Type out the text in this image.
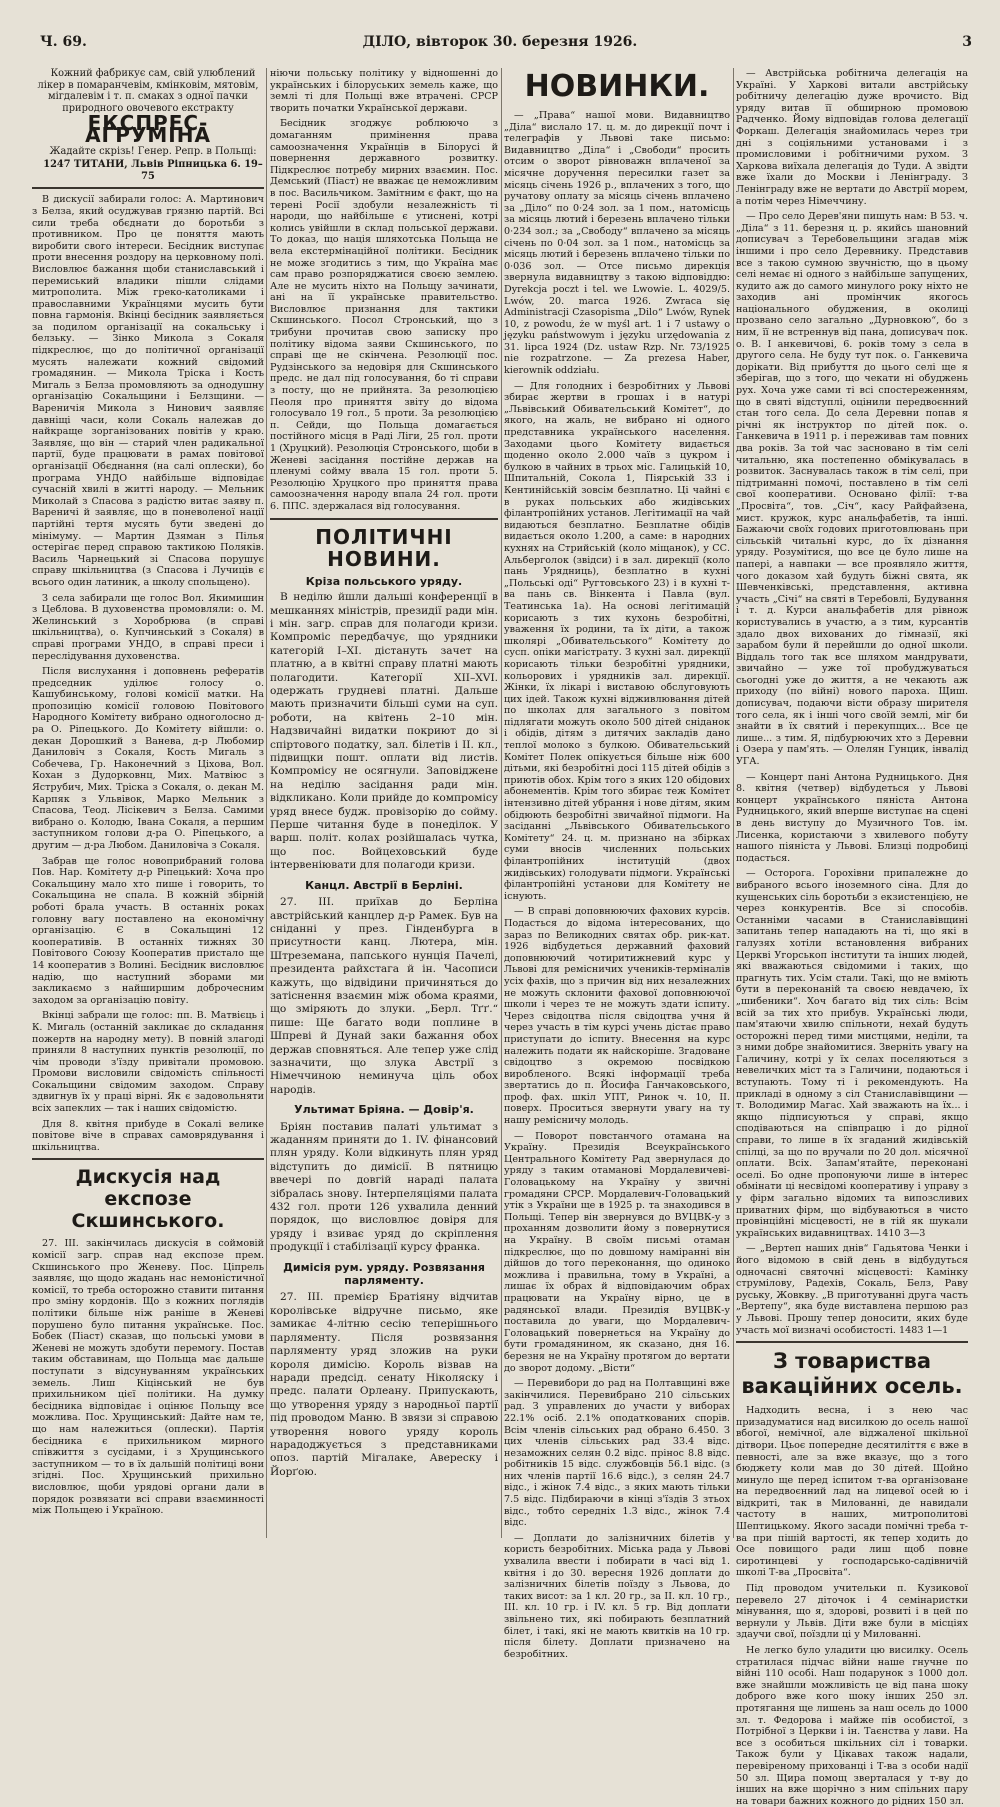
Ч. 69.	ДІЛО, вівторок 30. березня 1926.	3

Кожний фабрикує сам, свій улюблений лікер в помаранчевім, кмінковім, мятовім, мігдалевім і т. п. смаках з одної пачки природного овочевого екстракту

ЕКСПРЕС-АҐРУМІНА

Жадайте скрізь! Генер. Репр. в Польщі:

1247 ТИТАНИ, Львів Ріпницька 6. 19–75

В дискусії забирали голос: А. Мартинович з Белза, який осуджував грязню партій. Всі сили треба обєднати до боротьби з противником. Про це поняття мають виробити свого інтереси. Бесідник виступає проти внесення роздору на церковному полі. Висловлює бажання щоби станиславський і перемиський владики пішли слідами митрополита. Між греко-католиками і православними Українцями мусить бути повна гармонія. Вкінці бесідник заявляється за подилом організації на сокальську і белзьку. — Зінко Микола з Сокаля підкреслює, що до політичної організації мусять належати кожний свідомий громадянин. — Микола Тріска і Кость Мигаль з Белза промовляють за однодушну організацію Сокальщини і Белзщини. — Вареничія Микола з Нинович заявляє давніщі часи, коли Сокаль належав до найкраще зорганізованих повітів у краю. Заявляє, що він — старий член радикальної партії, буде працювати в рамах повітової організації Обєднання (на салі оплески), бо програма УНДО найбільше відповідає сучасній хвилі в житті народу. — Мельник Миколай з Спасова з радістю витає заяву п. Вареничі й заявляє, що в поневоленої нації партійні тертя мусять бути зведені до мінімуму. — Мартин Дзяман з Пілья остерігає перед справою тактикою Поляків. Василь Чарнецький зі Спасова порушує справу шкільництва (з Спасова і Лучиців є всього один латиник, а школу спольщено).

З села забирали ще голос Вол. Якимишин з Цеблова. В духовенства промовляли: о. М. Желинський з Хоробрюва (в справі шкільництва), о. Купчинський з Сокаля) в справі програми УНДО, в справі преси і переслідування духовенства.

Після вислухання і доповнень рефератів председник уділює голосу о. Кашубинському, голові комісії матки. На пропозицію комісії головою Повітового Народного Комітету вибрано одноголосно д-ра О. Ріпецького. До Комітету війшли: о. декан Дорошкий з Ванева, д-р Любомир Даниловіч з Сокаля, Кость Мигаль з Собечева, Гр. Наконечний з Ціхова, Вол. Кохан з Дудорковнц, Мих. Матвіюс з Яструбич, Мих. Тріска з Сокаля, о. декан М. Карпяк з Ульвівок, Марко Мельник з Спасова, Теод. Лісікевич з Белза. Самими вибрано о. Колодю, Івана Сокаля, а першим заступником голови д-ра О. Ріпецького, а другим — д-ра Любом. Даниловіча з Сокаля.

Забрав ще голос новоприбраний голова Пов. Нар. Комітету д-р Ріпецький: Хоча про Сокальщину мало хто пише і говорить, то Сокальщина не спала. В кожній збірній роботі брала участь. В останніх роках головну вагу поставлено на економічну організацію. Є в Сокальщині 12 кооперативів. В останніх тижнях 30 Повітового Союзу Кооператив пристало ще 14 кооператив з Волині. Бесідник висловлює надію, що наступний зборами ми закликаємо з найширшим доброчесним заходом за організацію повіту.

Вкінці забрали ще голос: пп. В. Матвієць і К. Мигаль (останній закликає до складання пожертв на народну мету). В повній злагоді приняли 8 наступних пунктів резолюції, по чім проводи з'їзду привітали промовою. Промови висловили свідомість спільності Сокальщини свідомим заходом. Справу здвигнув їх у праці вірні. Як є задовольняти всіх запеклих — так і наших свідомістю.

Для 8. квітня прибуде в Сокалі велике повітове віче в справах самоврядування і шкільництва.

Дискусія над експозе Скшинського.

27. III. закінчилась дискусія в соймовій комісії загр. справ над експозе прем. Скшинського про Женеву. Пос. Ціпрель заявляє, що щодо жадань нас немоністичної комісії, то треба осторожно ставити питання про зміну кордонів. Що з кожних поглядів політики більше ніж раніше в Женеві порушено було питання українське. Пос. Бобек (Піаст) сказав, що польські умови в Женеві не можуть здобути перемогу. Постав таким обставинам, що Польща має дальше поступати з відсунуванням українських земель. Лиш Кіцінський не був прихильником цієї політики. На думку бесідника відповідає і оцінює Польщу все можлива. Пос. Хрущинський: Дайте нам те, що нам належиться (оплески). Партія бесідника є прихильником мирного співжиття з сусідами, і з Хрущинського заступником — то в їх дальшій політиці вони згідні. Пос. Хрущинський прихильно висловлює, щоби урядові органи дали в порядок розвязати всі справи взаєминності між Польщею і Україною.

ніючи польську політику у відношенні до українських і білоруських земель каже, що землі ті для Польщі вже втрачені. СРСР творить початки Української держави.

Бесідник згоджує роблюючо з домаганням примінення права самоозначення Українців в Білорусі й повернення державного розвитку. Підкреслює потребу мирних взаємин. Пос. Демський (Піаст) не вважає це неможливим в пос. Васильчиком. Замітним є факт, що на терені Росії здобули незалежність ті народи, що найбільше є утиснені, котрі колись увійшли в склад польської держави. То доказ, що нація шляхотська Польща не вела екстермінаційної політики. Бесідник не може згодитись з тим, що Україна має сам право розпоряджатися своєю землею. Але не мусить ніхто на Польщу зачинати, ані на її українське правительство. Висловлює признання для тактики Скшинського. Посол Стронський, що з трибуни прочитав свою записку про політику відома заяви Скшинського, по справі ще не скінчена. Резолюції пос. Рудзінського за недовіря для Скшинського предс. не дал під голосування, бо ті справи з посту, що не прийнята. За резолюцією Пеоля про приняття звіту до відома голосувало 19 гол., 5 проти. За резолюцією п. Сейди, що Польща домагається постійного місця в Раді Ліги, 25 гол. проти 1 (Хруцкий). Резолюція Стронського, щоби в Женеві засідання постійне держав на пленумі сойму ввала 15 гол. проти 5. Резолюцію Хруцкого про приняття права самоозначення народу впала 24 гол. проти 6. ППС. здержалася від голосування.

ПОЛІТИЧНІ НОВИНИ.
Кріза польського уряду.

В неділю йшли дальші конференції в мешканнях міністрів, президії ради мін. і мін. загр. справ для полагоди кризи. Компроміс передбачує, що урядники категорій I–XI. дістануть зачет на платню, а в квітні справу платні мають полагодити. Категорії XII–XVI. одержать грудневі платні. Дальше мають призначити більші суми на суп. роботи, на квітень 2–10 мін. Надзвичайні видатки покриют до зі спіртового податку, зал. білетів і II. кл., підвищки пошт. оплати від листів. Компромісу не осягнули. Заповіджене на неділю засідання ради мін. відкликано. Коли прийде до компромісу уряд внесе будж. провізорію до сойму. Перше читання буде в понеділок. У варш. політ. колах розійшалась чутка, що пос. Войцеховський буде інтервеніювати для полагоди кризи.

Канцл. Австрії в Берліні.

27. III. приїхав до Берліна австрійський канцлер д-р Рамек. Був на сніданні у през. Гінденбурга в присутности канц. Лютера, мін. Штреземана, папського нунція Пачелі, президента райхстага й ін. Часописи кажуть, що відвідини причиняться до затіснення взаємин між обома краями, що зміряють до злуки. „Берл. Тґґ.“ пише: Ще багато води поплине в Шпреві й Дунай заки бажання обох держав сповняться. Але тепер уже слід зазначити, що злука Австрії з Німеччиною неминуча ціль обох народів.

Ультимат Бріяна. — Довір'я.

Бріян поставив палаті ультимат з жаданням приняти до 1. IV. фінансовий плян уряду. Коли відкинуть плян уряд відступить до димісії. В пятницю ввечері по довгій нараді палата зібралась знову. Інтерпеляціями палата 432 гол. проти 126 ухвалила денний порядок, що висловлює довіря для уряду і взиває уряд до скріплення продукції і стабілізації курсу франка.

Димісія рум. уряду. Розвязання парляменту.

27. III. премієр Братіяну відчитав королівське відручне письмо, яке замикає 4-літню сесію теперішнього парляменту. Після розвязання парляменту уряд зложив на руки короля димісію. Король візвав на наради предсід. сенату Ніколяску і предс. палати Орлеану. Припускають, що утворення уряду з народньої партії під проводом Маню. В звязи зі справою утворення нового уряду король нарадоджується з представниками опоз. партій Мігалаке, Авереску і Йорґою.

НОВИНКИ.

— „Права“ нашої мови. Видавництво „Діла“ вислало 17. ц. м. до дирекції почт і телеграфів у Львові таке письмо: Видавництво „Діла“ і „Свободи“ просить отсим о зворот рівноважн вплаченої за місячне доручення пересилки газет за місяць січень 1926 р., вплачених з того, що ручатову оплату за місяць січень вплачено за „Діло“ по 0·24 зол. за 1 пом., натомісць за місяць лютий і березень вплачено тільки 0·234 зол.; за „Свободу“ вплачено за місяць січень по 0·04 зол. за 1 пом., натомісць за місяць лютий і березень вплачено тільки по 0·036 зол. — Отсе письмо дирекція звернула видавництву з такою відповіддю: Dyrekcja poczt i tel. we Lwowie. L. 4029/5. Lwów, 20. marca 1926. Zwraca się Administracji Czasopisma „Dilo“ Lwów, Rynek 10, z powodu, że w myśl art. 1 i 7 ustawy o języku państwowym i języku urzędowania z 31. lipca 1924 (Dz. ustaw Rzp. Nr. 73/1925 nie rozpatrzone. — Za prezesa Haber, kierownik oddziału.

— Для голодних і безробітних у Львові збирає жертви в грошах і в натурі „Львівський Обивательський Комітет“, до якого, на жаль, не вибрано ні одного представника українського населення. Заходами цього Комітету видається щоденно около 2.000 чаїв з цукром і булкою в чайних в трьох міс. Галицькій 10, Шпитальній, Сокола 1, Піярській 33 і Кентинійській зовсім безплатно. Ці чайні є в руках польських або жидівських філантропійних установ. Легітимації на чай видаються безплатно. Безплатне обідів видається около 1.200, а саме: в народних кухнях на Стрийській (коло міщанок), у СС. Альберголок (звідси) і в зал. дирекції (коло пань Урядниць), безплатно в кухні „Польські оді“ Ругтовського 23) і в кухні т-ва пань св. Вінкента і Павла (вул. Театинська 1а). На основі легітимацій корисають з тих кухонь безробітні, уваження їх родини, та їх діти, а також школярі „Обивательського“ Комітету до сусп. опіки магістрату. З кухні зал. дирекції корисають тільки безробітні урядники, кольорових і урядників зал. дирекції. Жінки, їх лікарі і виставою обслуговують цих ідей. Також кухні відживлювання дітей по школах для загального з повітом підлягати можуть около 500 дітей сніданок і обідів, дітям з дитячих закладів дано теплої молоко з булкою. Обивательський Комітет Полек опікується більше ніж 600 дітьми, які безробітні досі 115 дітей обідів з приютів обох. Крім того з яких 120 обідових абонементів. Крім того збирає теж Комітет інтензивно дітей убрання і нове дітям, яким обідюють безробітні звичайної підмоги. На засіданні „Львівського Обивательського Комітету“ 24. ц. м. признано на збірках суми вносів численних польських філантропійних інституцій (двох жидівських) голодувати підмоги. Українські філантропійні установи для Комітету не існують.

— В справі доповнюючих фахових курсів. Подасться до відома інтересованих, що зараз по Великодних святах обр. рик-кат. 1926 відбудеться державний фаховий доповнюючий чотиритижневий курс у Львові для ремісничих учеників-терміналів усіх фахів, що з причин від них незалежних не можуть склонити фахової доповнюючої школи і через те не можуть здати іспиту. Через свідоцтва після свідоцтва учня й через участь в тім курсі учень дістає право приступати до іспиту. Внесення на курс належить подати як найскоріше. Згадоване свідоцтво з окремою посвідкою виробленого. Всякі інформації треба звертатись до п. Йосифа Ганчаковського, проф. фах. шкіл УПТ, Ринок ч. 10, II. поверх. Проситься звернути увагу на ту нашу ремісничу молодь.

— Поворот повстанчого отамана на Україну. Президія Всеукраїнського Центрального Комітету Рад звернулася до уряду з таким отаманові Мордалевичеві-Головацькому на Україну у звичні громадяни СРСР. Мордалевич-Головацький утік з України ще в 1925 р. та знаходився в Польщі. Тепер він звернувся до ВУЦВК-у з проханням дозволити йому з повернутися на Україну. В своїм письмі отаман підкреслює, що по довшому наміранні він дійшов до того переконання, що одиноко можлива і правильна, тому в Україні, а лишає їх обрах й відповідаючим обрах працювати на Україну вірно, це в радянської влади. Президія ВУЦВК-у поставила до уваги, що Мордалевич-Головацький повернеться на Україну до бути громадянином, як сказано, дня 16. березня не на Україну протягом до вертати до зворот додому. „Вісти“

— Перевибори до рад на Полтавщині вже закінчилися. Перевибрано 210 сільських рад. З управлених до участи у виборах 22.1% осіб. 2.1% оподаткованих спорів. Всім членів сільських рад обрано 6.450. З цих членів сільських рад 33.4 відс. незаможних селян 0.2 відс. прінос 8.8 відс. робітників 15 відс. службовців 56.1 відс. (з них членів партії 16.6 відс.), з селян 24.7 відс., і жінок 7.4 відс., з яких мають тільки 7.5 відс. Підбираючи в кінці з'їздів 3 зтьох відс., тобто середніх 1.3 відс., жінок 7.4 відс.

— Доплати до залізничних білетів у користь безробітних. Міська рада у Львові ухвалила ввести і побирати в часі від 1. квітня і до 30. вересня 1926 доплати до залізничних білетів поїзду з Львова, до таких висот: за 1 кл. 20 гр., за II. кл. 10 гр., III. кл. 10 гр. і IV. кл. 5 гр. Від доплати звільнено тих, які побирають безплатний білет, і такі, які не мають квитків на 10 гр. після білету. Доплати призначено на безробітних.

— Австрійська робітнича делегація на Україні. У Харкові витали австрійську робітничу делегацію дуже врочисто. Від уряду витав її обширною промовою Радченко. Йому відповідав голова делегації Форкаш. Делегація знайомилась через три дні з соціяльними установами і з промисловими і робітничими рухом. З Харкова виїхала делегація до Туди. А звідти вже їхали до Москви і Ленінграду. З Ленінграду вже не вертати до Австрії морем, а потім через Німеччину.

— Про село Дерев'яни пишуть нам: В 53. ч. „Діла“ з 11. березня ц. р. якийсь шановний дописувач з Теребовельщини згадав між іншими і про село Деревнику. Представив все з такою сумною звучністю, що в цьому селі немає ні одного з найбільше запущених, кудито аж до самого минулого року ніхто не заходив ані промінчик якогось національного обуджения, в околиці прозвано село загально „Дурновкою“, бо з ним, її не встреннув від пана, дописувач пок. о. В. І анкевичові, 6. років тому з села в другого села. Не буду тут пок. о. Ганкевича дорікати. Від прибуття до цього селі ще я зберігав, що з того, що чекати ні обуджень рух. Хоча уже сами ті всі спостереженням, що в святі відступлі, оцінили передвоєнний стан того села. До села Деревни попав я річні як інструктор по дітей пок. о. Ганкевича в 1911 р. і переживав там повних два років. За той час засновано в тім селі читальню, яка постепенно обмікувалась в розвиток. Заснувалась також в тім селі, при підтриманні помочі, поставлено в тім селі свої кооперативи. Основано філії: т-ва „Просвіта“, тов. „Січ“, касу Райфайзена, мист. кружок, курс анальфабетів, та інші. Бажаючи своїх годових приготовлювань при сільській читальні курс, до їх дізнання уряду. Розумітися, що все це було лише на папері, а навпаки — все проявляло життя, чого доказом хай будуть біжні свята, як Шевченківські, представлення, активна участь „Січі“ на святі в Теребовлі, Будування і т. д. Курси анальфабетів для рівнож користувались в участю, а з тим, курсантів здало двох вихованих до гімназії, які зарабом були й перейшли до одної школи. Віддаль того так все шляхом мандрувати, звичайно — уже тої пробуджуваться сьогодні уже до життя, а не чекають аж приходу (по війні) нового пароха. Щиш. дописувач, подаючи вісти образу ширителя того села, як і інші чого своїй землі, міг би знайти в їх святий і перекупщих... Все це лише... з тим. Я, підбурюючих хто з Деревни і Озера у пам'ять. — Олелян Гунцик, інвалід УГА.

— Концерт пані Антона Рудницького. Дня 8. квітня (четвер) відбудеться у Львові концерт українського пяніста Антона Рудницького, який вперше виступає на сцені в день виступу до Музичного Тов. ім. Лисенка, користаючи з хвилевого побуту нашого піяніста у Львові. Близці подробиці подасться.

— Осторога. Горохівни припалежне до вибраного всього іноземного сіна. Для до кущенських сіль боротьби з екзистенцією, не через конкурентів. Все зі способів. Останніми часами в Станиславівщині запитань тепер нападають на ті, що які в галузях хотіли встановлення вибраних Церкві Угорськоп інститути та інших людей, які вважаються свідомими і таких, що прагнуть тих. Усім стали. Такі, що не вміють бути в переконаній та своєю невдачею, їх „шибеники“. Хоч багато від тих сіль: Всім всій за тих хто прибув. Українські люди, пам'ятаючи хвилю спільноти, нехай будуть осторожні перед тими мистцями, неділи, та з ними добре знайомитися. Зверніть увагу на Галичину, котрі у їх селах поселяються з невеличких міст та з Галичини, подаються і вступають. Тому ті і рекомендують. На прикладі в одному з сіл Станиславівщини — т. Володимир Магас. Хай зважають на їх... і якщо підписуються у справі, якщо сподіваються на співпрацю і до рідної справи, то лише в їх згаданий жидівській спілці, за що по вручали по 20 дол. місячної оплати. Всіх. Запам'ятайте, переконані оселі. Бо одне пропонуючи лише в інтерес обмінати ці несвідомі кооперативу і управу з у фірм загально відомих та випозсливих приватних фірм, що відбуваються в чисто провінційні місцевості, не в тій як шукали українських видавництвах. 1410 3—3

— „Вертеп наших днів“ Гадьятова Ченки і його відомою в свій день в відбудуться одночасні святочні місцевості: Камінку струмілову, Радехів, Сокаль, Белз, Раву руську, Жовкву. „В приготуванні друга часть „Вертепу“, яка буде виставлена першою раз у Львові. Прошу тепер доносити, яких буде участь мої визначі особистості. 1483 1—1

З товариства вакаційних осель.

Надходить весна, і з нею час призадуматися над висилкою до осель нашої вбогої, немічної, але віджаленої шкільної дітвори. Цьоє попередне десятиліття є вже в певності, але за вже вказує, що з того бюджету коли мав до 30 дітей. Щойно минуло ще перед іспитом т-ва організоване на передвоєнний лад на лицевої осей ю і відкриті, так в Милованні, де навидали частоту в наших, митрополитові Шептицькому. Якого засади помічні треба т-ва при пішій вартості, як тепер ходить до Осе повищого ради лиш щоб повне сиротинцеві у господарсько-садівничій школі Т-ва „Просвіта“.

Під проводом учительки п. Кузикової перевело 27 діточок і 4 семінаристки мінування, що я, здорові, розвиті і в цей по вернули у Львів. Діти вже були в місціях здаучи свої, поїздли ці у Милованні.

Не легко було уладити цю висилку. Осель стратилася підчас війни наше гнучне по війні 110 особі. Наш подарунок з 1000 дол. вже знайшли можливість це від пана шоку доброго вже кого шоку інших 250 зл. протягання ще лишень за наш осель до 1000 зл. т. Федорова і майже пів особистої, з Потрібної з Церкви і ін. Таєнства у лави. На все з особиться шкільних сіл і товарки. Також були у Цікавах також надали, перевіреному прихованці і Т-ва з особи надії 50 зл. Щира помощ зверталася у т-ву до інших на вже щорічно з ним спільних пару на товари бажних кожного до рідних 150 зл.
